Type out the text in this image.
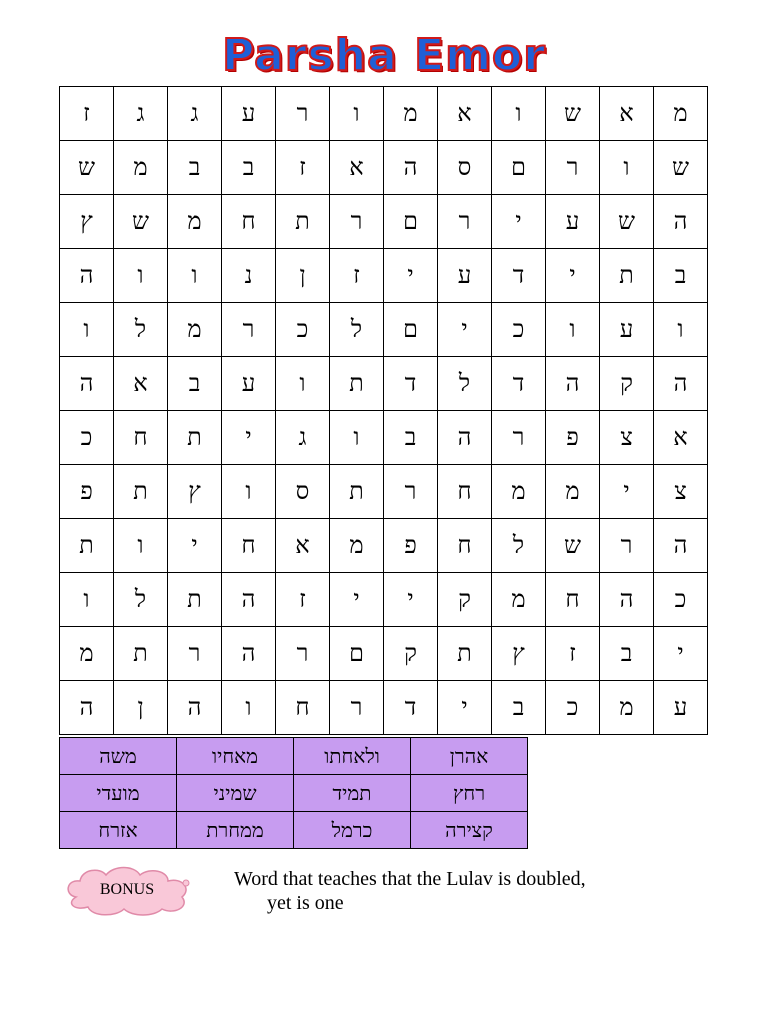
Parsha Emor
ז	ג	ג	ע	ר	ו	מ	א	ו	ש	א	מ
ש	מ	ב	ב	ז	א	ה	ס	ם	ר	ו	ש
ץ	ש	מ	ח	ת	ר	ם	ר	י	ע	ש	ה
ה	ו	ו	נ	ן	ז	י	ע	ד	י	ת	ב
ו	ל	מ	ר	כ	ל	ם	י	כ	ו	ע	ו
ה	א	ב	ע	ו	ת	ד	ל	ד	ה	ק	ה
כ	ח	ת	י	ג	ו	ב	ה	ר	פ	צ	א
פ	ת	ץ	ו	ס	ת	ר	ח	מ	מ	י	צ
ת	ו	י	ח	א	מ	פ	ח	ל	ש	ר	ה
ו	ל	ת	ה	ז	י	י	ק	מ	ח	ה	כ
מ	ת	ר	ה	ר	ם	ק	ת	ץ	ז	ב	י
ה	ן	ה	ו	ח	ר	ד	י	ב	כ	מ	ע
משה	מאחיו	ולאחתו	אהרן
מועדי	שמיני	תמיד	רחץ
אזרח	ממחרת	כרמל	קצירה
BONUS	Word that teaches that the Lulav is doubled,
yet is one
